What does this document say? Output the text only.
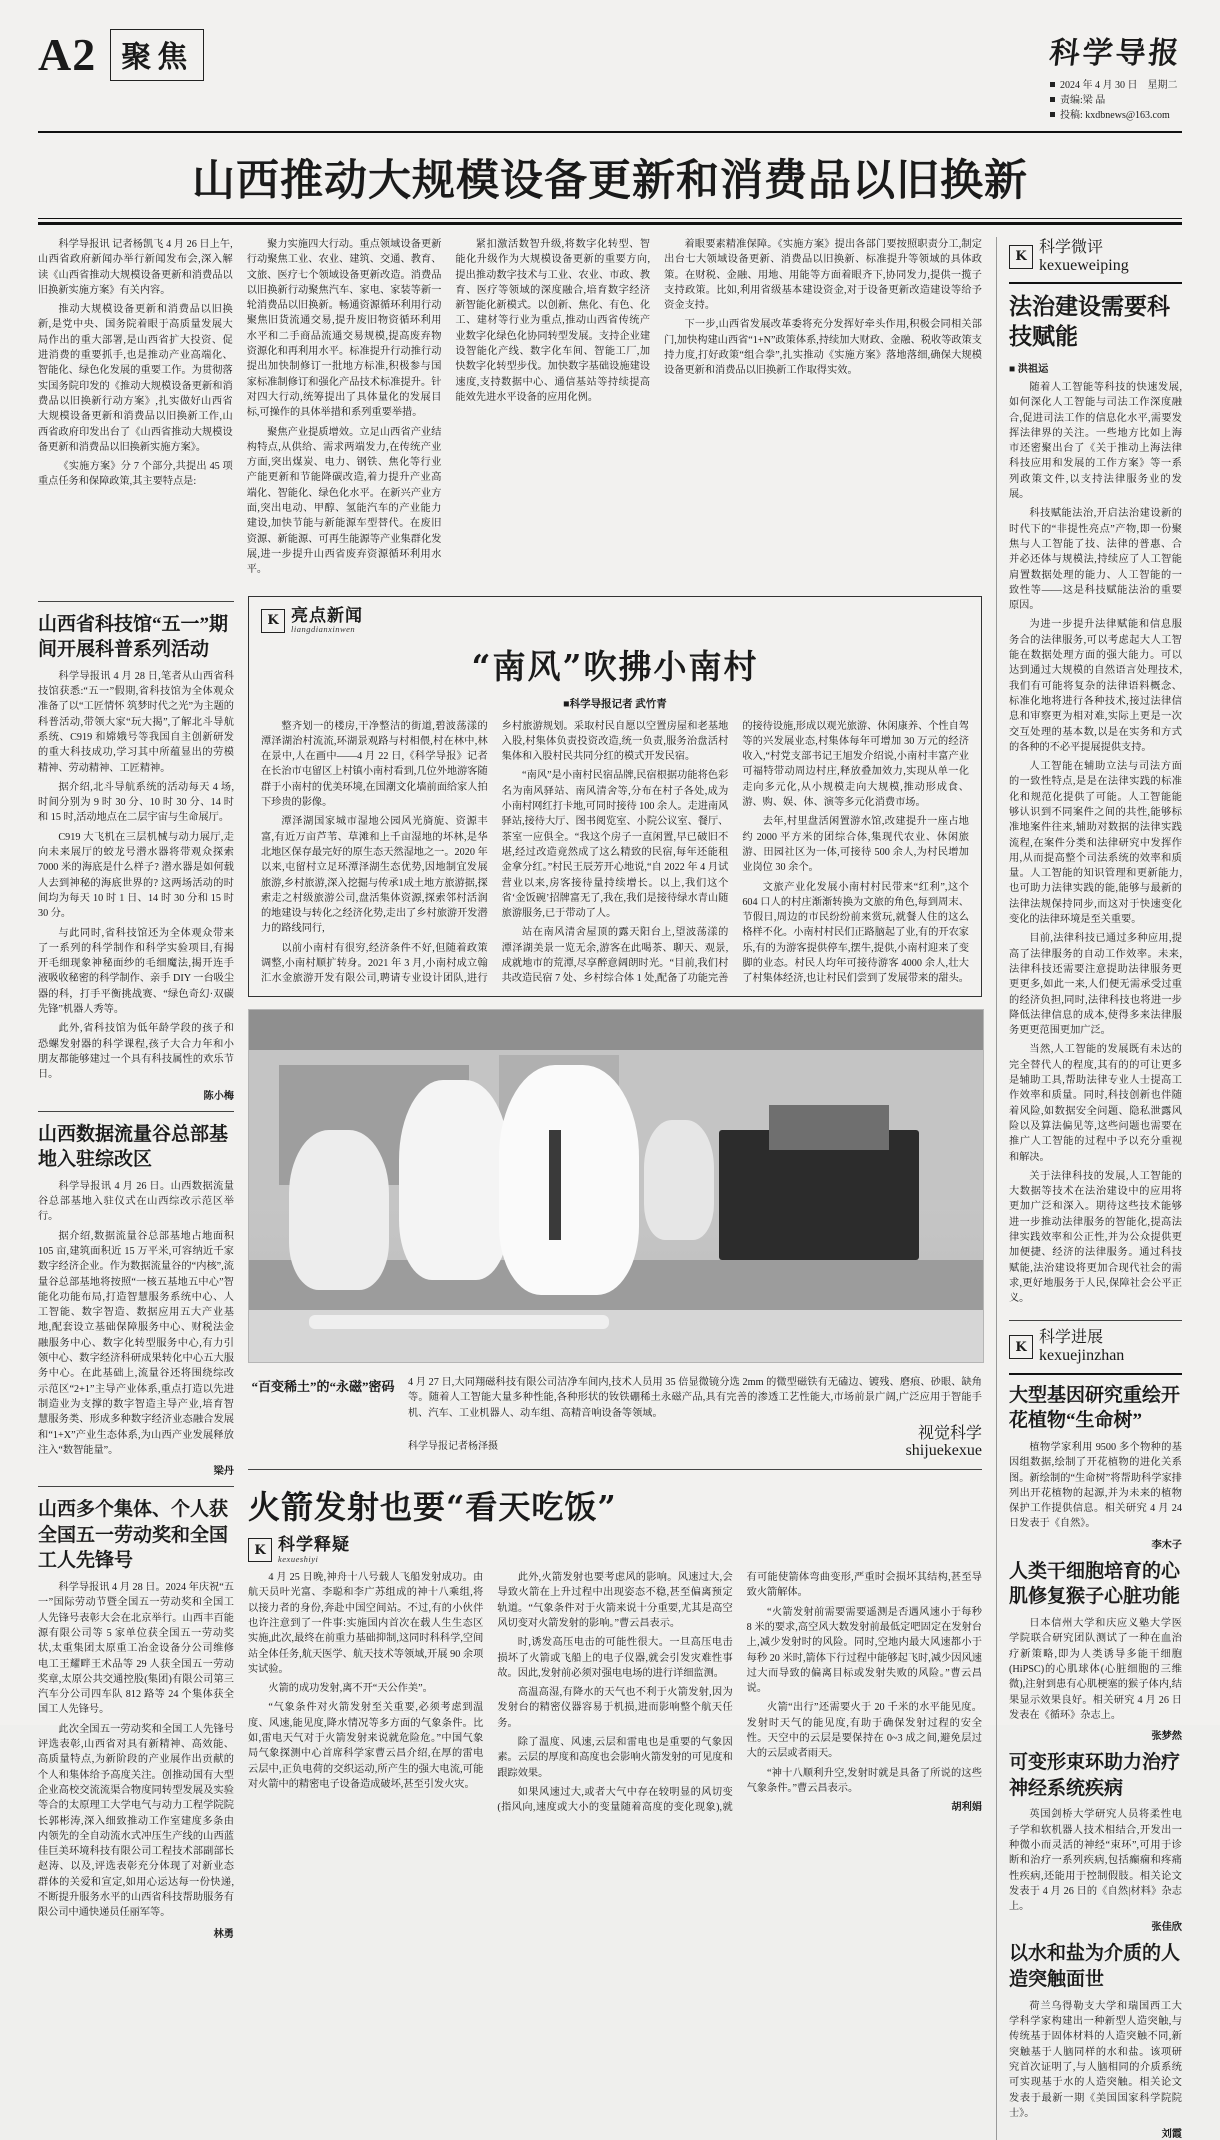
A2 聚焦	科学导报
2024 年 4 月 30 日　星期二
责编:梁 晶
投稿: kxdbnews@163.com
山西推动大规模设备更新和消费品以旧换新

科学导报讯 记者杨凯飞 4 月 26 日上午,山西省政府新闻办举行新闻发布会,深入解读《山西省推动大规模设备更新和消费品以旧换新实施方案》有关内容。

推动大规模设备更新和消费品以旧换新,是党中央、国务院着眼于高质量发展大局作出的重大部署,是山西省扩大投资、促进消费的重要抓手,也是推动产业高端化、智能化、绿色化发展的重要工作。为贯彻落实国务院印发的《推动大规模设备更新和消费品以旧换新行动方案》,扎实做好山西省大规模设备更新和消费品以旧换新工作,山西省政府印发出台了《山西省推动大规模设备更新和消费品以旧换新实施方案》。

《实施方案》分 7 个部分,共提出 45 项重点任务和保障政策,其主要特点是:

聚力实施四大行动。重点领域设备更新行动聚焦工业、农业、建筑、交通、教育、文旅、医疗七个领域设备更新改造。消费品以旧换新行动聚焦汽车、家电、家装等新一轮消费品以旧换新。畅通资源循环利用行动聚焦旧货流通交易,提升废旧物资循环利用水平和二手商品流通交易规模,提高废弃物资源化和再利用水平。标准提升行动推行动提出加快制修订一批地方标准,积极参与国家标准制修订和强化产品技术标准提升。针对四大行动,统筹提出了具体量化的发展目标,可操作的具体举措和系列重要举措。

聚焦产业提质增效。立足山西省产业结构特点,从供给、需求两端发力,在传统产业方面,突出煤炭、电力、钢铁、焦化等行业产能更新和节能降碳改造,着力提升产业高端化、智能化、绿色化水平。在新兴产业方面,突出电动、甲醇、氢能汽车的产业能力建设,加快节能与新能源车型替代。在废旧资源、新能源、可再生能源等产业集群化发展,进一步提升山西省废弃资源循环利用水平。

紧扣激活数智升级,将数字化转型、智能化升级作为大规模设备更新的重要方向,提出推动数字技术与工业、农业、市政、教育、医疗等领域的深度融合,培育数字经济新智能化新模式。以创新、焦化、有色、化工、建材等行业为重点,推动山西省传统产业数字化绿色化协同转型发展。支持企业建设智能化产线、数字化车间、智能工厂,加快数字化转型步伐。加快数字基础设施建设速度,支持数据中心、通信基站等持续提高能效先进水平设备的应用化例。

着眼要素精准保障。《实施方案》提出各部门要按照职责分工,制定出台七大领域设备更新、消费品以旧换新、标准提升等领域的具体政策。在财税、金融、用地、用能等方面着眼齐下,协同发力,提供一揽子支持政策。比如,利用省级基本建设资金,对于设备更新改造建设等给予资金支持。

下一步,山西省发展改革委将充分发挥好牵头作用,积极会同相关部门,加快构建山西省“1+N”政策体系,持续加大财政、金融、税收等政策支持力度,打好政策“组合拳”,扎实推动《实施方案》落地落细,确保大规模设备更新和消费品以旧换新工作取得实效。

山西省科技馆“五一”期间开展科普系列活动

科学导报讯 4 月 28 日,笔者从山西省科技馆获悉:“五一”假期,省科技馆为全体观众准备了以“工匠情怀 筑梦时代之光”为主题的科普活动,带领大家“玩大揭”,了解北斗导航系统、C919 和嫦娥号等我国自主创新研发的重大科技成功,学习其中所蕴显出的劳模精神、劳动精神、工匠精神。

据介绍,北斗导航系统的活动每天 4 场,时间分别为 9 时 30 分、10 时 30 分、14 时和 15 时,活动地点在二层宇宙与生命展厅。

C919 大飞机在三层机械与动力展厅,走向未来展厅的蛟龙号潜水器将带观众探索 7000 米的海底是什么样子? 潜水器是如何载人去到神秘的海底世界的? 这两场活动的时间均为每天 10 时 1 日、14 时 30 分和 15 时 30 分。

与此同时,省科技馆还为全体观众带来了一系列的科学制作和科学实验项目,有揭开毛细现象神秘面纱的毛细魔法,揭开连手液吸收秘密的科学制作、亲手 DIY 一台吸尘器的科，打手平衡挑战赛、“绿色奇幻·双碳先锋”机器人秀等。

此外,省科技馆为低年龄学段的孩子和恐螺发射器的科学课程,孩子大合力年和小朋友都能够建过一个具有科技属性的欢乐节日。

陈小梅
山西数据流量谷总部基地入驻综改区

科学导报讯 4 月 26 日。山西数据流量谷总部基地入驻仪式在山西综改示范区举行。

据介绍,数据流量谷总部基地占地面积 105 亩,建筑面积近 15 万平米,可容纳近千家数字经济企业。作为数据流量谷的“内核”,流量谷总部基地将按照“一核五基地五中心”智能化功能布局,打造智慧服务系统中心、人工智能、数字智造、数据应用五大产业基地,配套设立基础保障服务中心、财税法金融服务中心、数字化转型服务中心,有力引领中心、数字经济科研成果转化中心五大服务中心。在此基础上,流量谷还将围绕综改示范区“2+1”主导产业体系,重点打造以先进制造业为支撑的数字智造主导产业,培育智慧服务类、形成多种数字经济业态融合发展和“1+X”产业生态体系,为山西产业发展释放注入“数智能量”。

梁丹
山西多个集体、个人获全国五一劳动奖和全国工人先锋号

科学导报讯 4 月 28 日。2024 年庆祝“五一”国际劳动节暨全国五一劳动奖和全国工人先锋号表彰大会在北京举行。山西丰百能源有限公司等 5 家单位获全国五一劳动奖状,太重集团太原重工冶金设备分公司维修电工王耀畔王术品等 29 人获全国五一劳动奖章,太原公共交通控股(集团)有限公司第三汽车分公司四车队 812 路等 24 个集体获全国工人先锋号。

此次全国五一劳动奖和全国工人先锋号评选表彰,山西省对具有新精神、高效能、高质量特点,为新阶段的产业展作出贡献的个人和集体给予高度关注。创推动国有大型企业高校交流流渠合物度同转型发展及实验等合的太原理工大学电气与动力工程学院院长郭彬涛,深入细致推动工作室建度多条由内领先的全自动流水式冲压生产线的山西蓝佳巨美环境科技有限公司工程技术部副部长赵涛、以及,评选表彰充分体现了对新业态群体的关爱和宣定,如用心运达每一份快递,不断提升服务水平的山西省科技帮助服务有限公司中通快递员任丽军等。

林勇
K 亮点新闻
liangdianxinwen
“南风”吹拂小南村
■科学导报记者 武竹青

整齐划一的楼房,干净整洁的街道,碧波荡漾的潭泽湖治村流流,环湖景观路与村相偎,村在林中,林在景中,人在画中——4 月 22 日,《科学导报》记者在长治市屯留区上村镇小南村看到,几位外地游客随群于小南村的优美环境,在国潮文化墙前面给家人拍下珍贵的影像。

潭泽湖国家城市湿地公园风光旖旎、资源丰富,有近万亩芦苇、草滩和上千亩湿地的坏林,是华北地区保存最完好的原生态天然湿地之一。2020 年以来,屯留村立足环潭泽湖生态优势,因地制宜发展旅游,乡村旅游,深入挖掘与传承1成土地方旅游据,探索走之村级旅游公司,盘活集体资源,探索邻村活润的地建设与转化之经济化势,走出了乡村旅游开发潜力的路线同行,

以前小南村有很穷,经济条件不好,但随着政策调整,小南村顺扩转身。2021 年 3 月,小南村成立翰汇水金旅游开发有限公司,聘请专业设计团队,进行乡村旅游规划。采取村民自愿以空置房屋和老基地入股,村集体负责投资改造,统一负责,服务治盘活村集体和入股村民共同分红的模式开发民宿。

“南风”是小南村民宿品牌,民宿根据功能将色彩名为南风驿站、南风清舍等,分布在村子各处,成为小南村网红打卡地,可同时接待 100 余人。走进南风驿站,接待大厅、图书阅览室、小院公议室、餐厅、茶室一应俱全。“我这个房子一直闲置,早已破旧不堪,经过改造竟然成了这么精致的民宿,每年还能租金拿分红。”村民王辰芳开心地说,“自 2022 年 4 月试营业以来,房客接待量持续增长。以上,我们这个省‘金饭碗’招牌富无了,我在,我们是接待绿水青山随旅游服务,已于带动了人。

站在南风清舍屋顶的露天阳台上,望波荡漾的潭泽湖美景一览无余,游客在此喝茶、聊天、观景,成就地市的荒潭,尽享醉意阔朗时光。“目前,我们村共改造民宿 7 处、乡村综合体 1 处,配备了功能完善的接待设施,形成以观光旅游、休闲康养、个性自驾等的兴发展业态,村集体每年可增加 30 万元的经济收入,“村党支部书记王旭发介绍说,小南村丰富产业可福特带动周边村庄,释放叠加效力,实现从单一化走向多元化,从小规模走向大规模,推动形成食、游、购、娱、体、演等多元化消费市场。

去年,村里盘活闲置游水馆,改建提升一座占地约 2000 平方米的团综合体,集现代农业、休闲旅游、田园社区为一体,可接待 500 余人,为村民增加业岗位 30 余个。

文旅产业化发展小南村村民带来“红利”,这个 604 口人的村庄渐渐转换为文旅的角色,每到周末、节假日,周边的市民纷纷前来赏玩,就餐人住的这么格样不化。小南村村民们正路脑起了业,有的开农家乐,有的为游客提供停车,摆牛,提供,小南村迎来了变脚的业态。村民人均年可接待游客 4000 余人,壮大了村集体经济,也让村民们尝到了发展带来的甜头。

“百变稀土”的“永磁”密码	4 月 27 日,大同翔磁科技有限公司洁净车间内,技术人员用 35 倍显微镜分选 2mm 的微型磁铁有无磕边、镀残、磨痕、砂眼、缺角等。随着人工智能大量多种性能,各种形状的钕铁硼稀土永磁产品,具有完善的渗透工艺性能大,市场前景广阔,广泛应用于智能手机、汽车、工业机器人、动车组、高精音响设备等领域。
科学导报记者杨泽摄
视觉科学
shijuekexue
火箭发射也要“看天吃饭”
K 科学释疑
kexueshiyi

4 月 25 日晚,神舟十八号载人飞船发射成功。由航天员叶光富、李聪和李广苏组成的神十八乘组,将以接力者的身份,奔赴中国空间站。不过,有的小伙伴也许注意到了一件事:实施国内首次在载人生生态区实施,此次,最终在前重力基础抑制,这同时科科学,空间站全体任务,航天医学、航天技术等领域,开展 90 余项实试验。

火箭的成功发射,离不开“天公作美”。

“气象条件对火箭发射至关重要,必须考虑到温度、风速,能见度,降水情况等多方面的气象条件。比如,雷电天气对于火箭发射来说就危险危。”中国气象局气象探测中心首席科学家曹云昌介绍,在厚的雷电云层中,正负电荷的交织运动,所产生的强大电流,可能对火箭中的精密电子设备造成破坏,甚至引发火灾。

此外,火箭发射也要考虑风的影响。风速过大,会导致火箭在上升过程中出现姿态不稳,甚至偏离预定轨道。“气象条件对于火箭来说十分重要,尤其是高空风切变对火箭发射的影响。”曹云昌表示。

时,诱发高压电击的可能性很大。一旦高压电击损坏了火箭或飞船上的电子仪器,就会引发灾难性事故。因此,发射前必须对强电电场的进行详细监测。

高温高湿,有降水的天气也不利于火箭发射,因为发射台的精密仪器容易于机损,进而影响整个航天任务。

除了温度、风速,云层和雷电也是重要的气象因素。云层的厚度和高度也会影响火箭发射的可见度和跟踪效果。

如果风速过大,或者大气中存在较明显的风切变(指风向,速度或大小的变量随着高度的变化现象),就有可能使箭体弯曲变形,严重时会损坏其结构,甚至导致火箭解体。

“火箭发射前需要需要遥测是否遇风速小于每秒 8 米的要求,高空风大数发射前最低定吧固定在发射台上,减少发射时的风险。同时,空地内最大风速都小于每秒 20 米时,箭体下行过程中能够起飞时,减少因风速过大而导致的偏离目标或发射失败的风险。”曹云昌说。

火箭“出行”还需要火于 20 千米的水平能见度。发射时天气的能见度,有助于确保发射过程的安全性。天空中的云层是要保持在 0~3 成之间,避免层过大的云层或者雨天。

“神十八顺利升空,发射时就是具备了所说的这些气象条件。”曹云昌表示。

胡利娟

K
科学微评
kexueweiping
法治建设需要科技赋能
■ 洪祖运

随着人工智能等科技的快速发展,如何深化人工智能与司法工作深度融合,促进司法工作的信息化水平,需要发挥法律界的关注。一些地方比如上海市还密聚出台了《关于推动上海法律科技应用和发展的工作方案》等一系列政策文件,以支持法律服务业的发展。

科技赋能法治,开启法治建设新的时代下的“非提性亮点”产物,即一份聚焦与人工智能了技、法律的普惠、合并必还体与规模法,持续应了人工智能肩置数据处理的能力、人工智能的一致性等——这是科技赋能法治的重要原因。

为进一步提升法律赋能和信息服务合的法律服务,可以考虑起大人工智能在数据处理方面的强大能力。可以达到通过大规模的自然语言处理技术,我们有可能将复杂的法律语料概念、标准化地将进行各种技术,接过法律信息和审察更为相对难,实际上更是一次交互处理的基本数,以是在实务和方式的各种的不必平提展提供支持。

人工智能在辅助立法与司法方面的一致性特点,是是在法律实践的标准化和规范化提供了可能。人工智能能够认识到不同案件之间的共性,能够标准地案件往来,辅助对数据的法律实践流程,在案件分类和法律研究中发挥作用,从而提高整个司法系统的效率和质量。人工智能的知识管理和更新能力,也可助力法律实践的能,能够与最新的法律法规保持同步,而这对于快速变化变化的法律环境是至关重要。

目前,法律科技已通过多种应用,提高了法律服务的自动工作效率。未来,法律科技还需要注意提助法律服务更更更多,如此一来,人们便无需承受过重的经济负担,同时,法律科技也将进一步降低法律信息的成本,使得多来法律服务更更范围更加广泛。

当然,人工智能的发展既有未达的完全替代人的程度,其有的的可让更多是辅助工具,帮助法律专业人士提高工作效率和质量。同时,科技创新也伴随着风险,如数据安全问题、隐私泄露风险以及算法偏见等,这些问题也需要在推广人工智能的过程中予以充分重视和解决。

关于法律科技的发展,人工智能的大数据等技术在法治建设中的应用将更加广泛和深入。期待这些技术能够进一步推动法律服务的智能化,提高法律实践效率和公正性,并为公众提供更加便捷、经济的法律服务。通过科技赋能,法治建设将更加合现代社会的需求,更好地服务于人民,保障社会公平正义。

K
科学进展
kexuejinzhan
大型基因研究重绘开花植物“生命树”

植物学家利用 9500 多个物种的基因组数据,绘制了开花植物的进化关系图。新绘制的“生命树”将帮助科学家排列出开花植物的起源,并为未来的植物保护工作提供信息。相关研究 4 月 24 日发表于《自然》。

李木子
人类干细胞培育的心肌修复猴子心脏功能

日本信州大学和庆应义塾大学医学院联合研究团队测试了一种在血治疗新策略,即为人类诱导多能干细胞(HiPSC)的心肌球体(心脏细胞的三维微),注射到患有心肌梗塞的猴子体内,结果显示效果良好。相关研究 4 月 26 日发表在《循环》杂志上。

张梦然
可变形束环助力治疗神经系统疾病

英国剑桥大学研究人员将柔性电子学和软机器人技术相结合,开发出一种微小而灵活的神经“束环”,可用于诊断和治疗一系列疾病,包括癫痫和疼痛性疾病,还能用于控制假肢。相关论文发表于 4 月 26 日的《自然|材料》杂志上。

张佳欣
以水和盐为介质的人造突触面世

荷兰乌得勒支大学和瑞国西工大学科学家构建出一种新型人造突触,与传统基于固体材料的人造突触不同,新突触基于人脑同样的水和盐。该项研究首次证明了,与人脑相同的介质系统可实现基于水的人造突触。相关论文发表于最新一期《美国国家科学院院士》。

刘霞
